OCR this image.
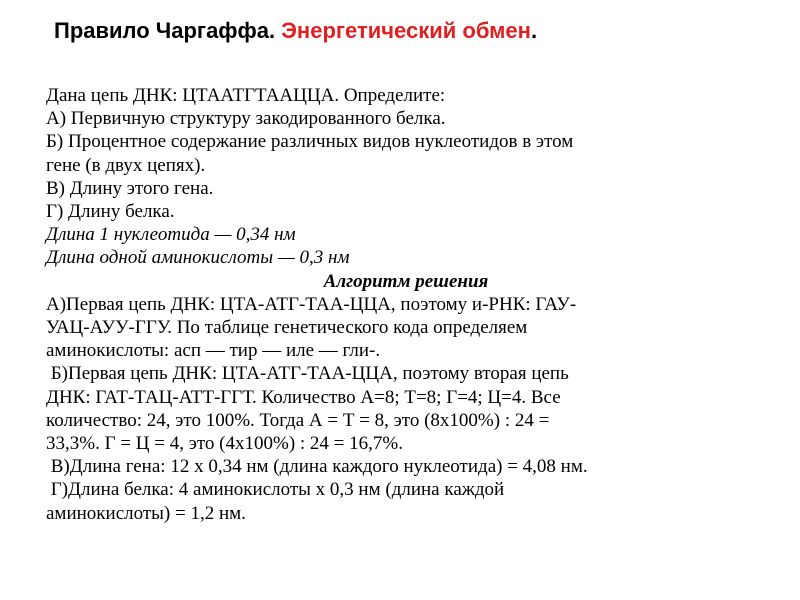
Правило Чаргаффа. Энергетический обмен.
Дана цепь ДНК: ЦТААТГТААЦЦА. Определите:
А) Первичную структуру закодированного белка.
Б) Процентное содержание различных видов нуклеотидов в этом
гене (в двух цепях).
В) Длину этого гена.
Г) Длину белка.
Длина 1 нуклеотида — 0,34 нм
Длина одной аминокислоты — 0,3 нм
Алгоритм решения
А)Первая цепь ДНК: ЦТА-АТГ-ТАА-ЦЦА, поэтому и-РНК: ГАУ-
УАЦ-АУУ-ГГУ. По таблице генетического кода определяем
аминокислоты: асп — тир — иле — гли-.
Б)Первая цепь ДНК: ЦТА-АТГ-ТАА-ЦЦА, поэтому вторая цепь
ДНК: ГАТ-ТАЦ-АТТ-ГГТ. Количество А=8; Т=8; Г=4; Ц=4. Все
количество: 24, это 100%. Тогда А = Т = 8, это (8х100%) : 24 =
33,3%. Г = Ц = 4, это (4х100%) : 24 = 16,7%.
В)Длина гена: 12 х 0,34 нм (длина каждого нуклеотида) = 4,08 нм.
Г)Длина белка: 4 аминокислоты х 0,3 нм (длина каждой
аминокислоты) = 1,2 нм.
